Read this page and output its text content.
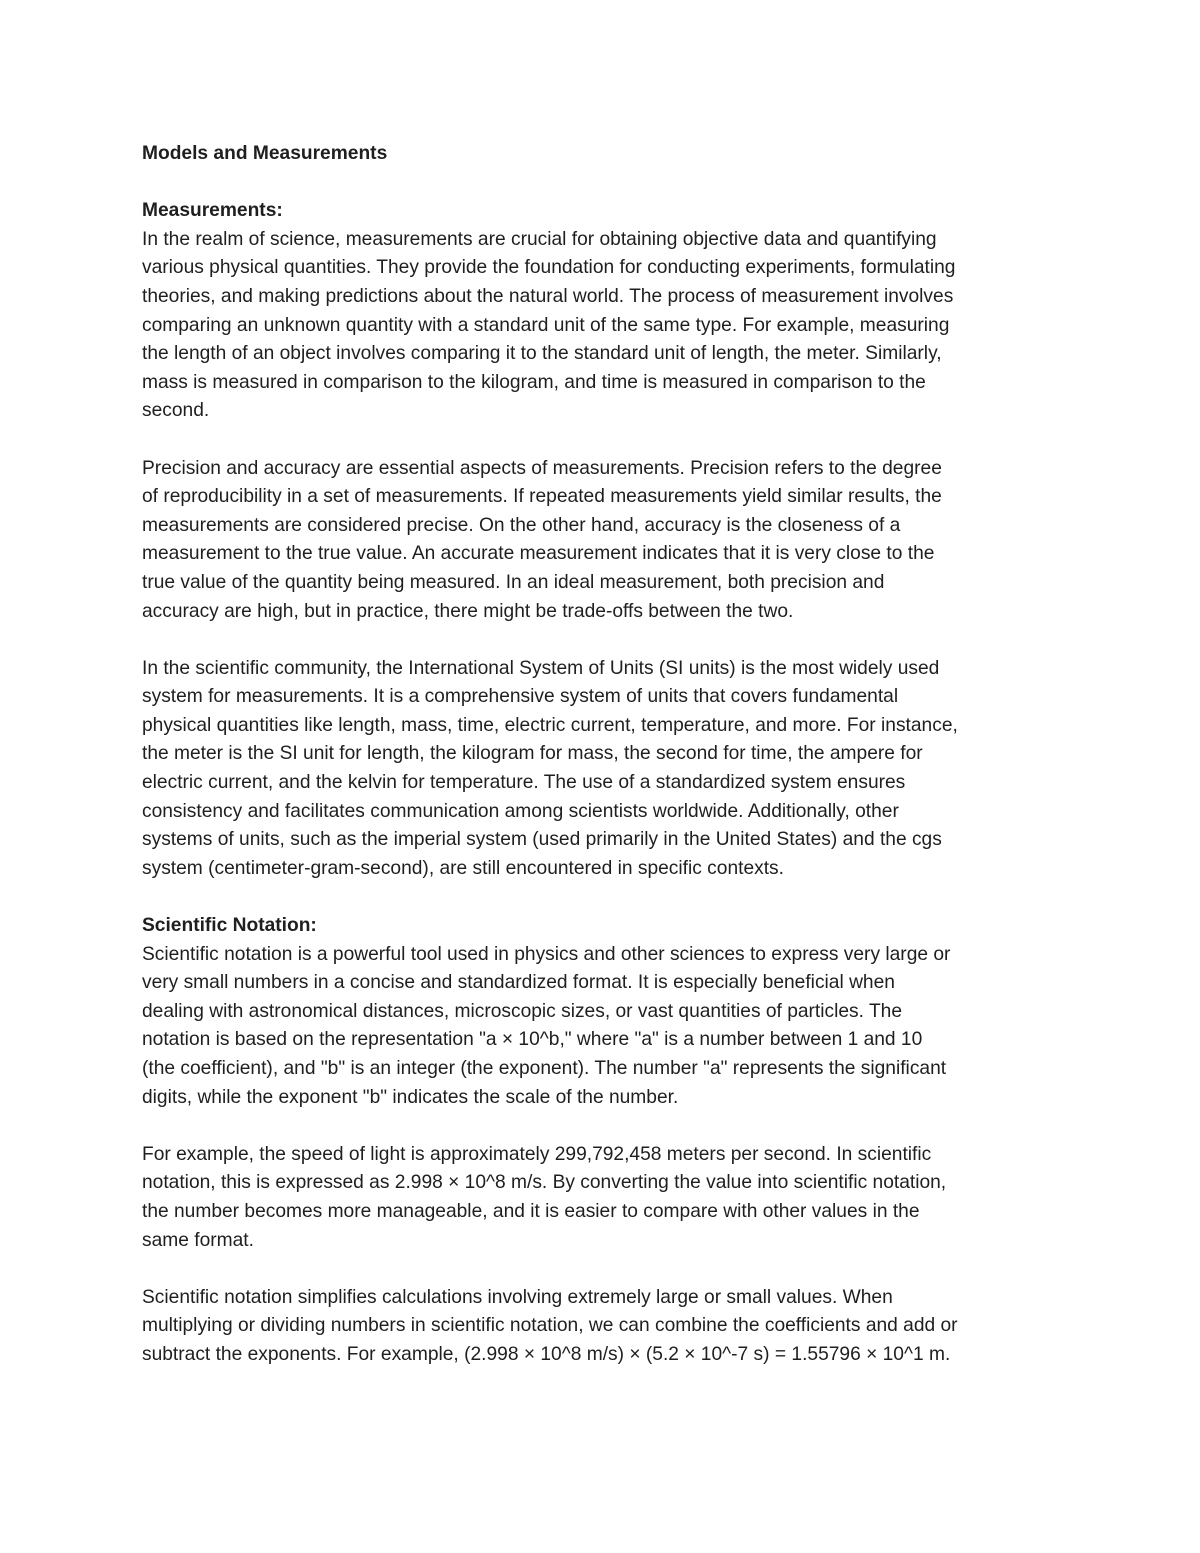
Models and Measurements
Measurements:
In the realm of science, measurements are crucial for obtaining objective data and quantifying
various physical quantities. They provide the foundation for conducting experiments, formulating
theories, and making predictions about the natural world. The process of measurement involves
comparing an unknown quantity with a standard unit of the same type. For example, measuring
the length of an object involves comparing it to the standard unit of length, the meter. Similarly,
mass is measured in comparison to the kilogram, and time is measured in comparison to the
second.
Precision and accuracy are essential aspects of measurements. Precision refers to the degree
of reproducibility in a set of measurements. If repeated measurements yield similar results, the
measurements are considered precise. On the other hand, accuracy is the closeness of a
measurement to the true value. An accurate measurement indicates that it is very close to the
true value of the quantity being measured. In an ideal measurement, both precision and
accuracy are high, but in practice, there might be trade-offs between the two.
In the scientific community, the International System of Units (SI units) is the most widely used
system for measurements. It is a comprehensive system of units that covers fundamental
physical quantities like length, mass, time, electric current, temperature, and more. For instance,
the meter is the SI unit for length, the kilogram for mass, the second for time, the ampere for
electric current, and the kelvin for temperature. The use of a standardized system ensures
consistency and facilitates communication among scientists worldwide. Additionally, other
systems of units, such as the imperial system (used primarily in the United States) and the cgs
system (centimeter-gram-second), are still encountered in specific contexts.
Scientific Notation:
Scientific notation is a powerful tool used in physics and other sciences to express very large or
very small numbers in a concise and standardized format. It is especially beneficial when
dealing with astronomical distances, microscopic sizes, or vast quantities of particles. The
notation is based on the representation "a × 10^b," where "a" is a number between 1 and 10
(the coefficient), and "b" is an integer (the exponent). The number "a" represents the significant
digits, while the exponent "b" indicates the scale of the number.
For example, the speed of light is approximately 299,792,458 meters per second. In scientific
notation, this is expressed as 2.998 × 10^8 m/s. By converting the value into scientific notation,
the number becomes more manageable, and it is easier to compare with other values in the
same format.
Scientific notation simplifies calculations involving extremely large or small values. When
multiplying or dividing numbers in scientific notation, we can combine the coefficients and add or
subtract the exponents. For example, (2.998 × 10^8 m/s) × (5.2 × 10^-7 s) = 1.55796 × 10^1 m.
